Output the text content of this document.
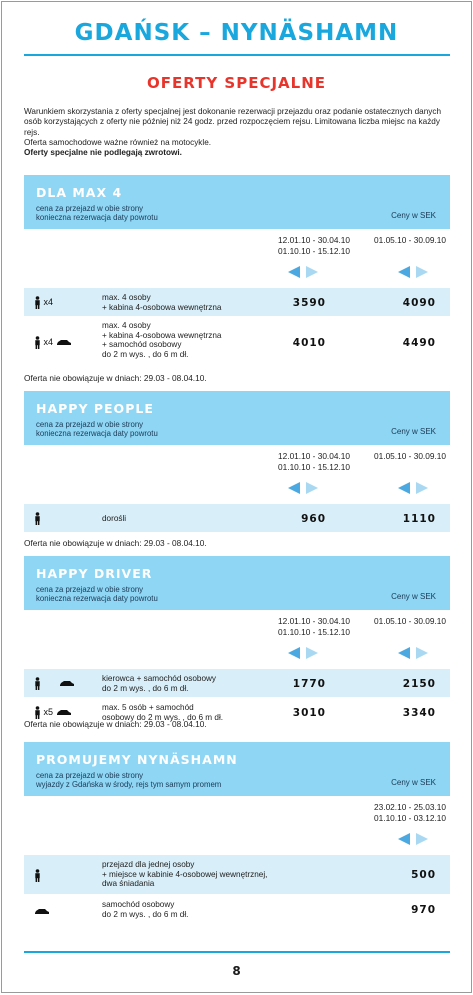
GDAŃSK – NYNÄSHAMN
OFERTY SPECJALNE

Warunkiem skorzystania z oferty specjalnej jest dokonanie rezerwacji przejazdu oraz podanie ostatecznych danych osób korzystających z oferty nie później niż 24 godz. przed rozpoczęciem rejsu. Limitowana liczba miejsc na każdy rejs.

Oferta samochodowe ważne również na motocykle.

Oferty specjalne nie podlegają zwrotowi.

DLA MAX 4
cena za przejazd w obie strony
konieczna rezerwacja daty powrotu	Ceny w SEK
12.01.10 - 30.04.10
01.10.10 - 15.12.10
01.05.10 - 30.09.10
x4	max. 4 osoby
+ kabina 4-osobowa wewnętrzna	3590	4090
x4
max. 4 osoby
+ kabina 4-osobowa wewnętrzna
+ samochód osobowy
do 2 m wys. , do 6 m dł.
4010	4490
Oferta nie obowiązuje w dniach: 29.03 - 08.04.10.
HAPPY PEOPLE
cena za przejazd w obie strony
konieczna rezerwacja daty powrotu	Ceny w SEK
12.01.10 - 30.04.10
01.10.10 - 15.12.10
01.05.10 - 30.09.10
dorośli	960	1110
Oferta nie obowiązuje w dniach: 29.03 - 08.04.10.
HAPPY DRIVER
cena za przejazd w obie strony
konieczna rezerwacja daty powrotu	Ceny w SEK
12.01.10 - 30.04.10
01.10.10 - 15.12.10
01.05.10 - 30.09.10

kierowca + samochód osobowy
do 2 m wys. , do 6 m dł.	1770	2150
x5	max. 5 osób + samochód
osobowy do 2 m wys. , do 6 m dł.	3010	3340
Oferta nie obowiązuje w dniach: 29.03 - 08.04.10.
PROMUJEMY NYNÄSHAMN
cena za przejazd w obie strony
wyjazdy z Gdańska w środy, rejs tym samym promem	Ceny w SEK
23.02.10 - 25.03.10
01.10.10 - 03.12.10
przejazd dla jednej osoby
+ miejsce w kabinie 4-osobowej wewnętrznej,
dwa śniadania
500
samochód osobowy
do 2 m wys. , do 6 m dł.	970
8
